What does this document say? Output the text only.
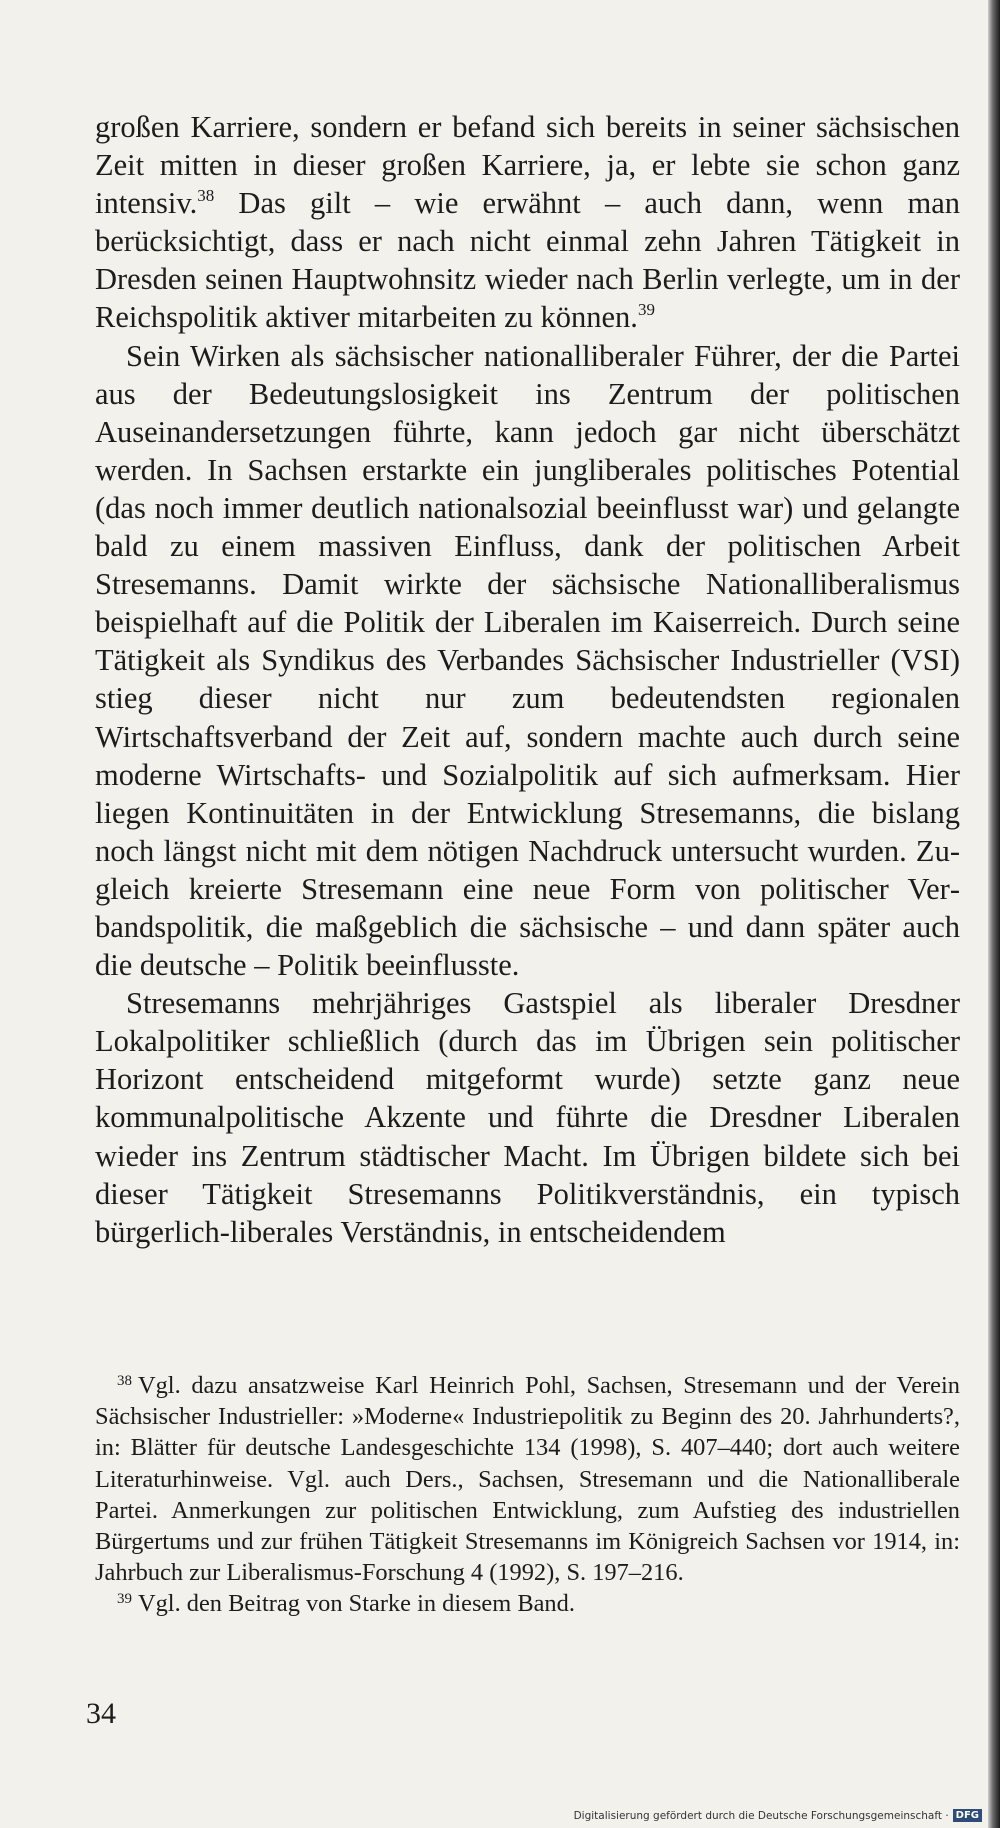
großen Karriere, sondern er befand sich bereits in seiner sächsischen Zeit mitten in dieser großen Karriere, ja, er lebte sie schon ganz intensiv.$^{38}$ Das gilt – wie erwähnt – auch dann, wenn man berücksichtigt, dass er nach nicht einmal zehn Jahren Tätigkeit in Dresden seinen Hauptwohnsitz wieder nach Berlin verlegte, um in der Reichspolitik aktiver mitarbeiten zu können.$^{39}$

Sein Wirken als sächsischer nationalliberaler Führer, der die Partei aus der Bedeutungslosigkeit ins Zentrum der politischen Auseinandersetzungen führte, kann jedoch gar nicht überschätzt werden. In Sachsen erstarkte ein jungliberales politisches Potential (das noch immer deutlich nationalsozial beeinflusst war) und gelangte bald zu einem massiven Einfluss, dank der politischen Arbeit Stresemanns. Damit wirkte der sächsische Nationalliberalismus beispielhaft auf die Politik der Liberalen im Kaiserreich. Durch seine Tätigkeit als Syndikus des Verbandes Sächsischer Industrieller (VSI) stieg dieser nicht nur zum bedeutendsten regionalen Wirtschaftsverband der Zeit auf, sondern machte auch durch seine moderne Wirtschafts- und Sozialpolitik auf sich aufmerksam. Hier liegen Kontinuitäten in der Entwicklung Stresemanns, die bislang noch längst nicht mit dem nötigen Nachdruck untersucht wurden. Zugleich kreierte Stresemann eine neue Form von politischer Verbandspolitik, die maßgeblich die sächsische – und dann später auch die deutsche – Politik beeinflusste.

Stresemanns mehrjähriges Gastspiel als liberaler Dresdner Lokalpolitiker schließlich (durch das im Übrigen sein politischer Horizont entscheidend mitgeformt wurde) setzte ganz neue kommunalpolitische Akzente und führte die Dresdner Liberalen wieder ins Zentrum städtischer Macht. Im Übrigen bildete sich bei dieser Tätigkeit Stresemanns Politikverständnis, ein typisch bürgerlich-liberales Verständnis, in entscheidendem

$^{38}$ Vgl. dazu ansatzweise Karl Heinrich Pohl, Sachsen, Stresemann und der Verein Sächsischer Industrieller: »Moderne« Industriepolitik zu Beginn des 20. Jahrhunderts?, in: Blätter für deutsche Landesgeschichte 134 (1998), S. 407–440; dort auch weitere Literaturhinweise. Vgl. auch Ders., Sachsen, Stresemann und die Nationalliberale Partei. Anmerkungen zur politischen Entwicklung, zum Aufstieg des industriellen Bürgertums und zur frühen Tätigkeit Stresemanns im Königreich Sachsen vor 1914, in: Jahrbuch zur Liberalismus-Forschung 4 (1992), S. 197–216.

$^{39}$ Vgl. den Beitrag von Starke in diesem Band.

34
Digitalisierung gefördert durch die Deutsche Forschungsgemeinschaft · DFG
